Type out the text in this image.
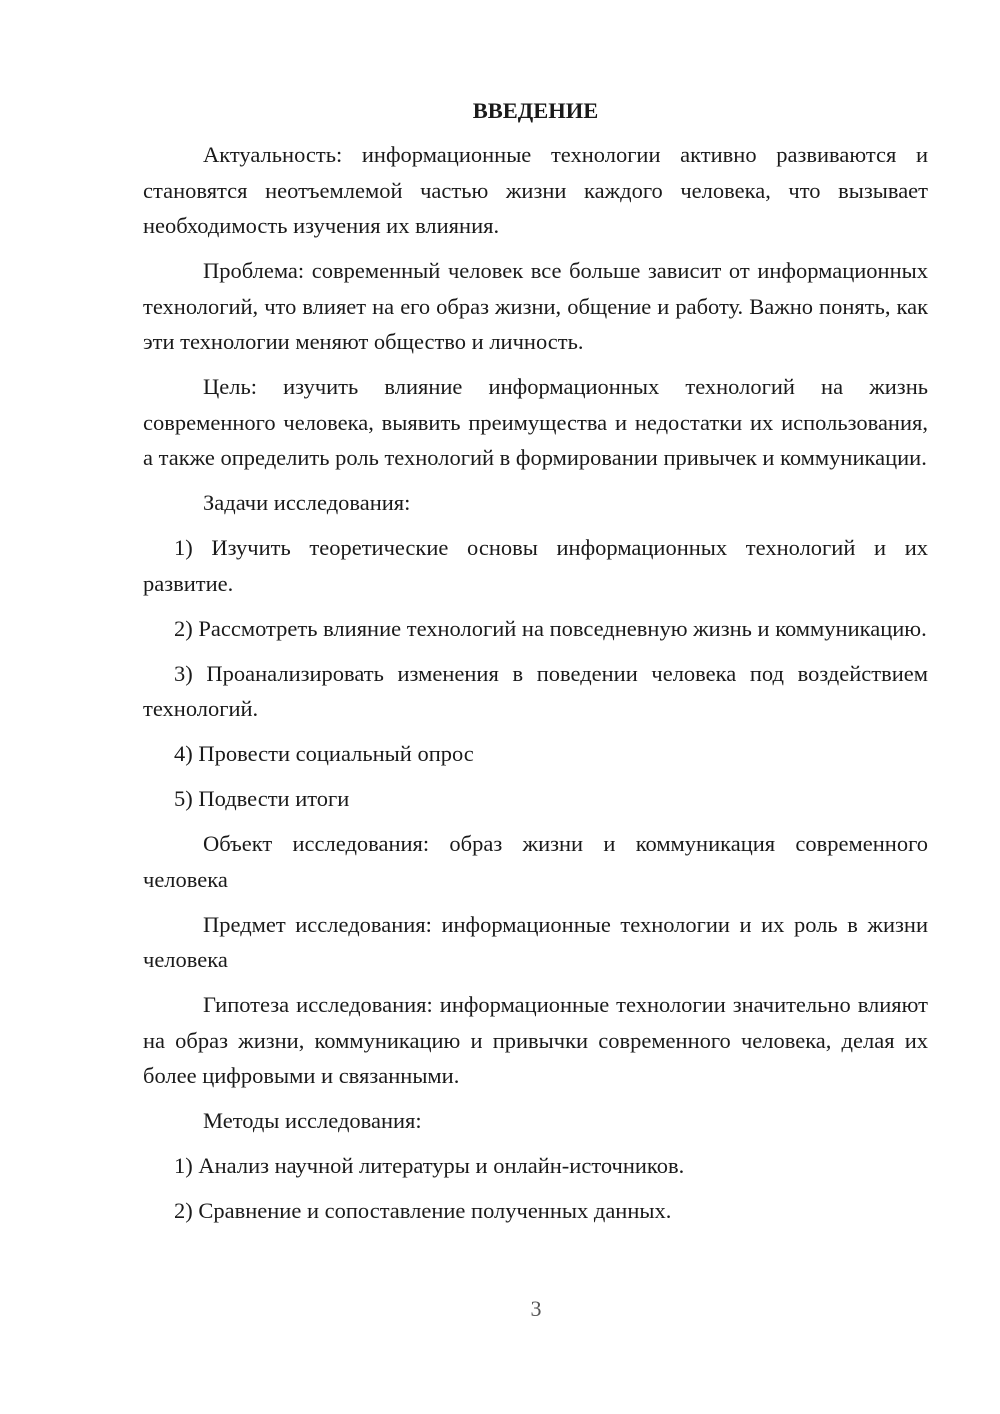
ВВЕДЕНИЕ

Актуальность: информационные технологии активно развиваются и становятся неотъемлемой частью жизни каждого человека, что вызывает необходимость изучения их влияния.

Проблема: современный человек все больше зависит от информационных технологий, что влияет на его образ жизни, общение и работу. Важно понять, как эти технологии меняют общество и личность.

Цель: изучить влияние информационных технологий на жизнь современного человека, выявить преимущества и недостатки их использования, а также определить роль технологий в формировании привычек и коммуникации.

Задачи исследования:

1) Изучить теоретические основы информационных технологий и их развитие.

2) Рассмотреть влияние технологий на повседневную жизнь и коммуникацию.

3) Проанализировать изменения в поведении человека под воздействием технологий.

4) Провести социальный опрос

5) Подвести итоги

Объект исследования: образ жизни и коммуникация современного человека

Предмет исследования: информационные технологии и их роль в жизни человека

Гипотеза исследования: информационные технологии значительно влияют на образ жизни, коммуникацию и привычки современного человека, делая их более цифровыми и связанными.

Методы исследования:

1) Анализ научной литературы и онлайн-источников.

2) Сравнение и сопоставление полученных данных.

3
